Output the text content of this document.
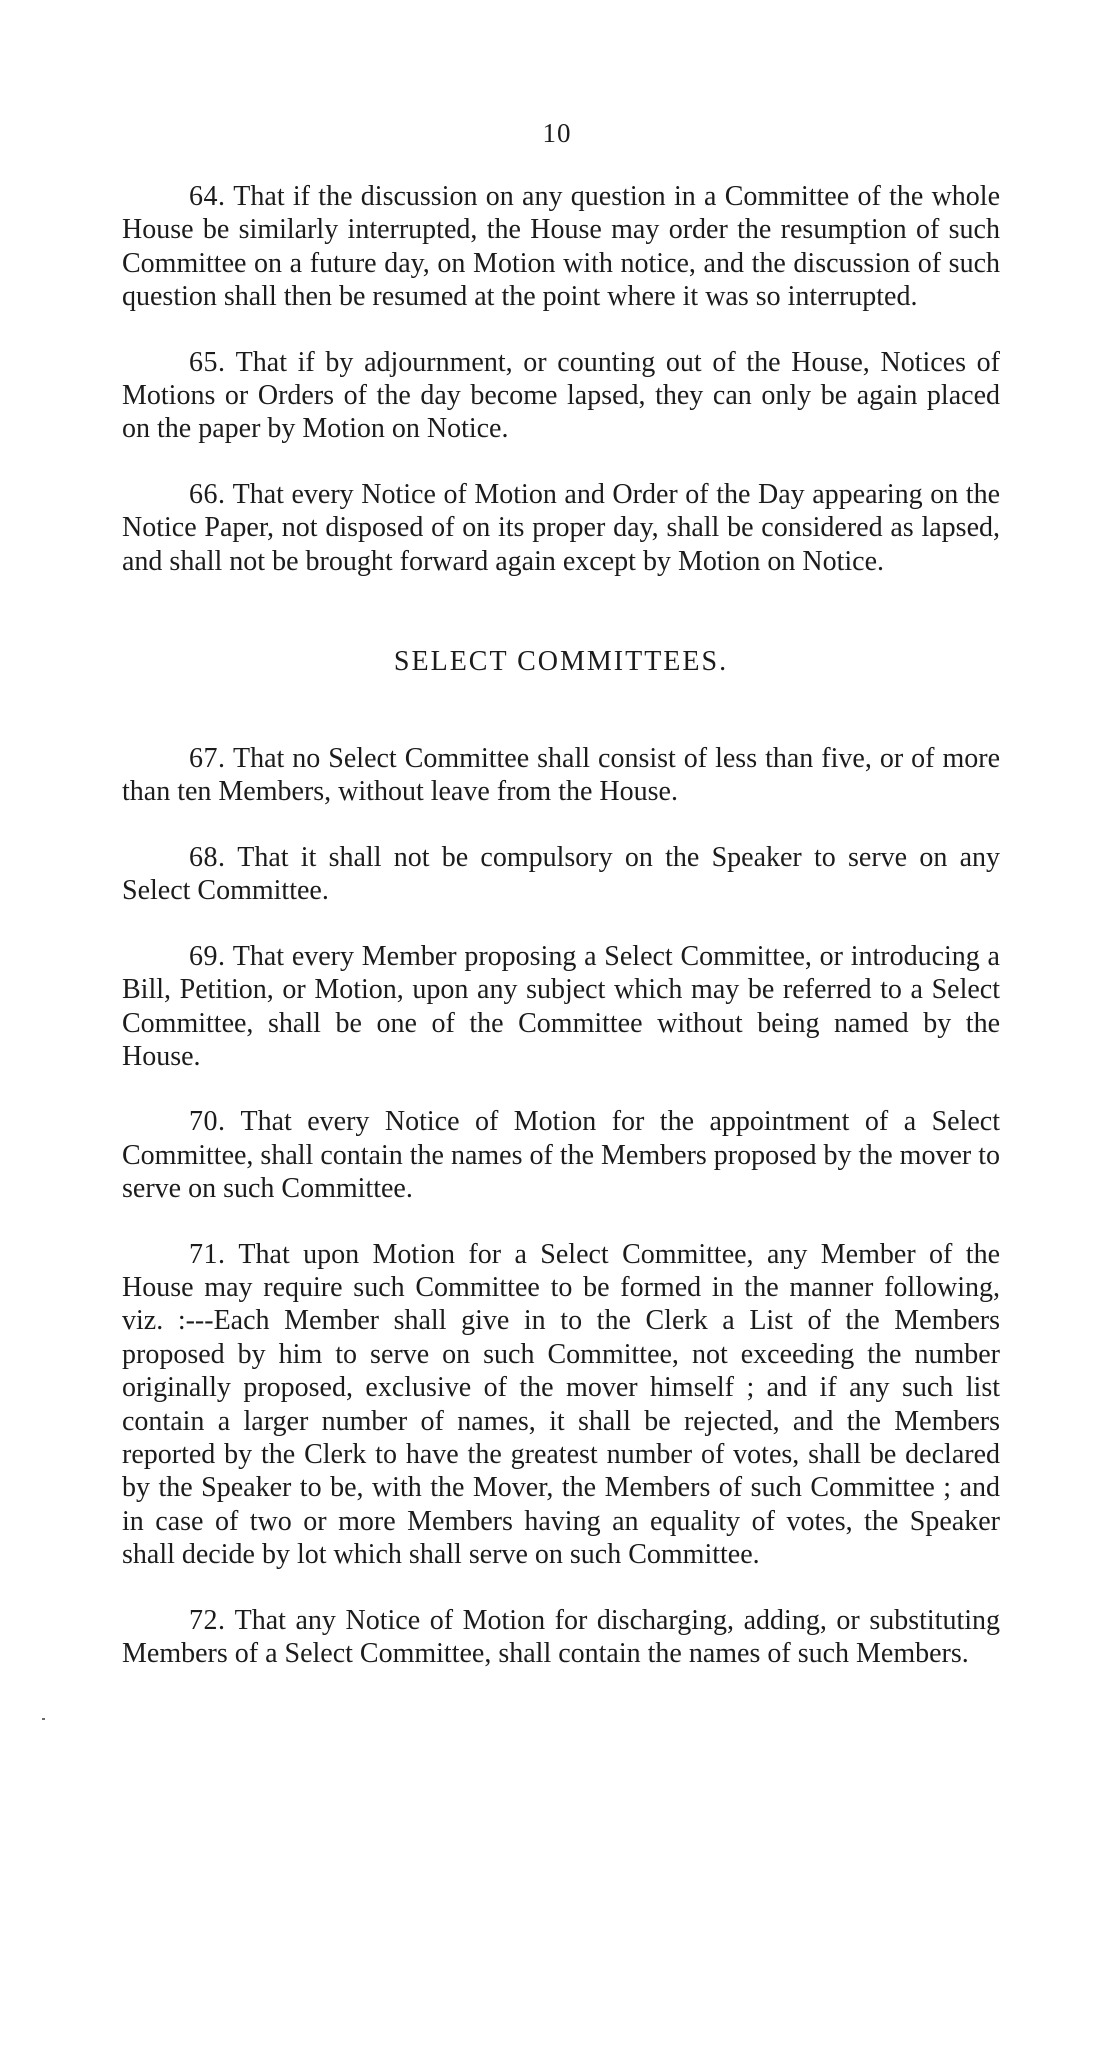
10

64. That if the discussion on any question in a Committee of the whole House be similarly interrupted, the House may order the resumption of such Committee on a future day, on Motion with notice, and the discussion of such question shall then be resumed at the point where it was so interrupted.

65. That if by adjournment, or counting out of the House, Notices of Motions or Orders of the day become lapsed, they can only be again placed on the paper by Motion on Notice.

66. That every Notice of Motion and Order of the Day appearing on the Notice Paper, not disposed of on its proper day, shall be considered as lapsed, and shall not be brought forward again except by Motion on Notice.

SELECT COMMITTEES.

67. That no Select Committee shall consist of less than five, or of more than ten Members, without leave from the House.

68. That it shall not be compulsory on the Speaker to serve on any Select Committee.

69. That every Member proposing a Select Committee, or introducing a Bill, Petition, or Motion, upon any subject which may be referred to a Select Committee, shall be one of the Committee without being named by the House.

70. That every Notice of Motion for the appointment of a Select Committee, shall contain the names of the Members proposed by the mover to serve on such Committee.

71. That upon Motion for a Select Committee, any Member of the House may require such Committee to be formed in the manner following, viz. :---Each Member shall give in to the Clerk a List of the Members proposed by him to serve on such Committee, not exceeding the number originally proposed, exclusive of the mover himself ; and if any such list contain a larger number of names, it shall be rejected, and the Members reported by the Clerk to have the greatest number of votes, shall be declared by the Speaker to be, with the Mover, the Members of such Committee ; and in case of two or more Members having an equality of votes, the Speaker shall decide by lot which shall serve on such Committee.

72. That any Notice of Motion for discharging, adding, or substituting Members of a Select Committee, shall contain the names of such Members.
